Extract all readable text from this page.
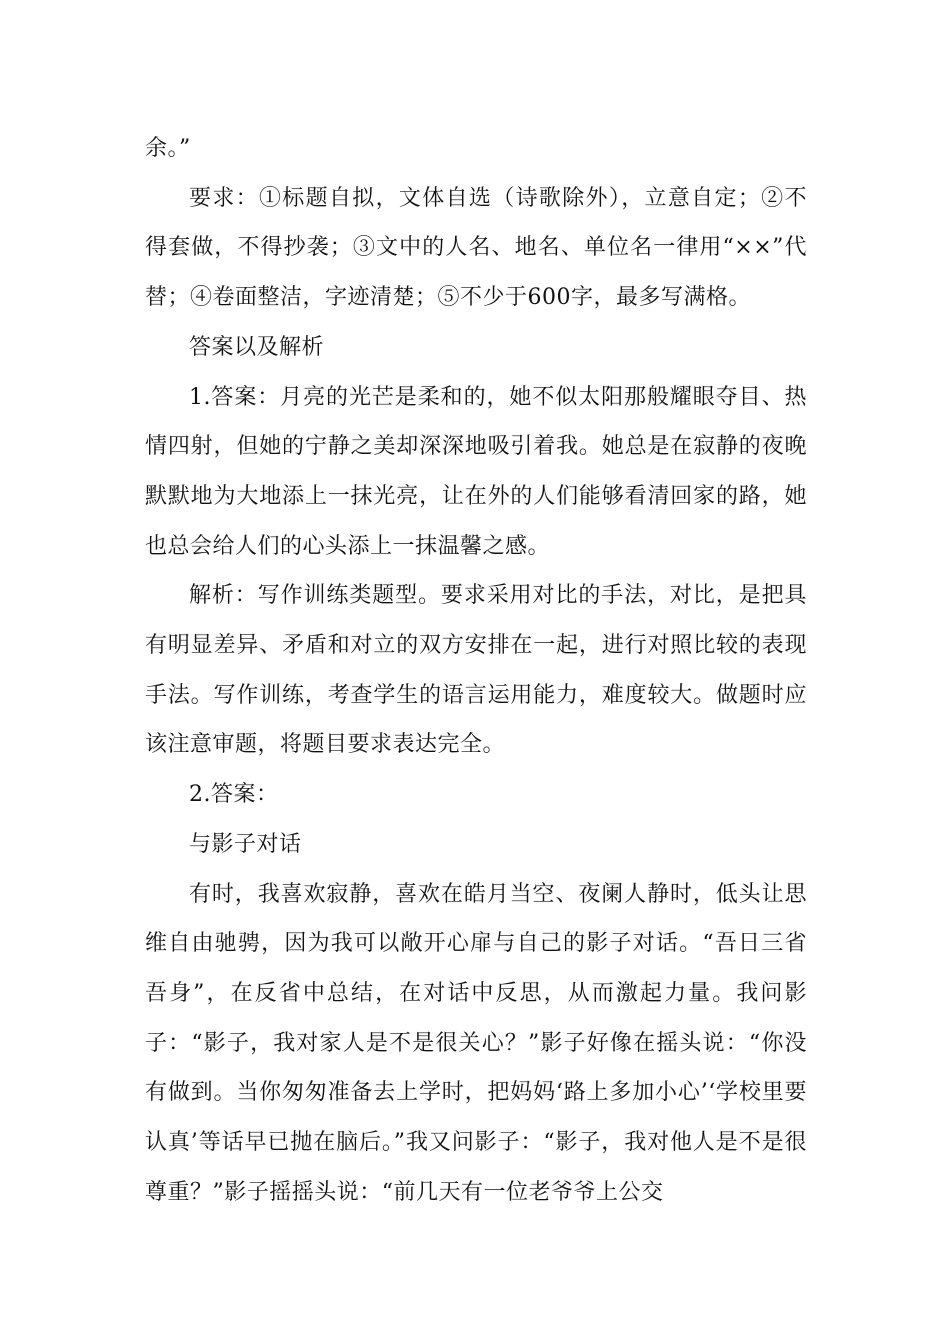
余。”

要求：①标题自拟，文体自选（诗歌除外），立意自定；②不得套做，不得抄袭；③文中的人名、地名、单位名一律用“××”代替；④卷面整洁，字迹清楚；⑤不少于600字，最多写满格。

答案以及解析

1.答案：月亮的光芒是柔和的，她不似太阳那般耀眼夺目、热情四射，但她的宁静之美却深深地吸引着我。她总是在寂静的夜晚默默地为大地添上一抹光亮，让在外的人们能够看清回家的路，她也总会给人们的心头添上一抹温馨之感。

解析：写作训练类题型。要求采用对比的手法，对比，是把具有明显差异、矛盾和对立的双方安排在一起，进行对照比较的表现手法。写作训练，考查学生的语言运用能力，难度较大。做题时应该注意审题，将题目要求表达完全。

2.答案：

与影子对话

有时，我喜欢寂静，喜欢在皓月当空、夜阑人静时，低头让思维自由驰骋，因为我可以敞开心扉与自己的影子对话。“吾日三省吾身”，在反省中总结，在对话中反思，从而激起力量。我问影子：“影子，我对家人是不是很关心？”影子好像在摇头说：“你没有做到。当你匆匆准备去上学时，把妈妈‘路上多加小心’‘学校里要认真’等话早已抛在脑后。”我又问影子：“影子，我对他人是不是很尊重？”影子摇摇头说：“前几天有一位老爷爷上公交
